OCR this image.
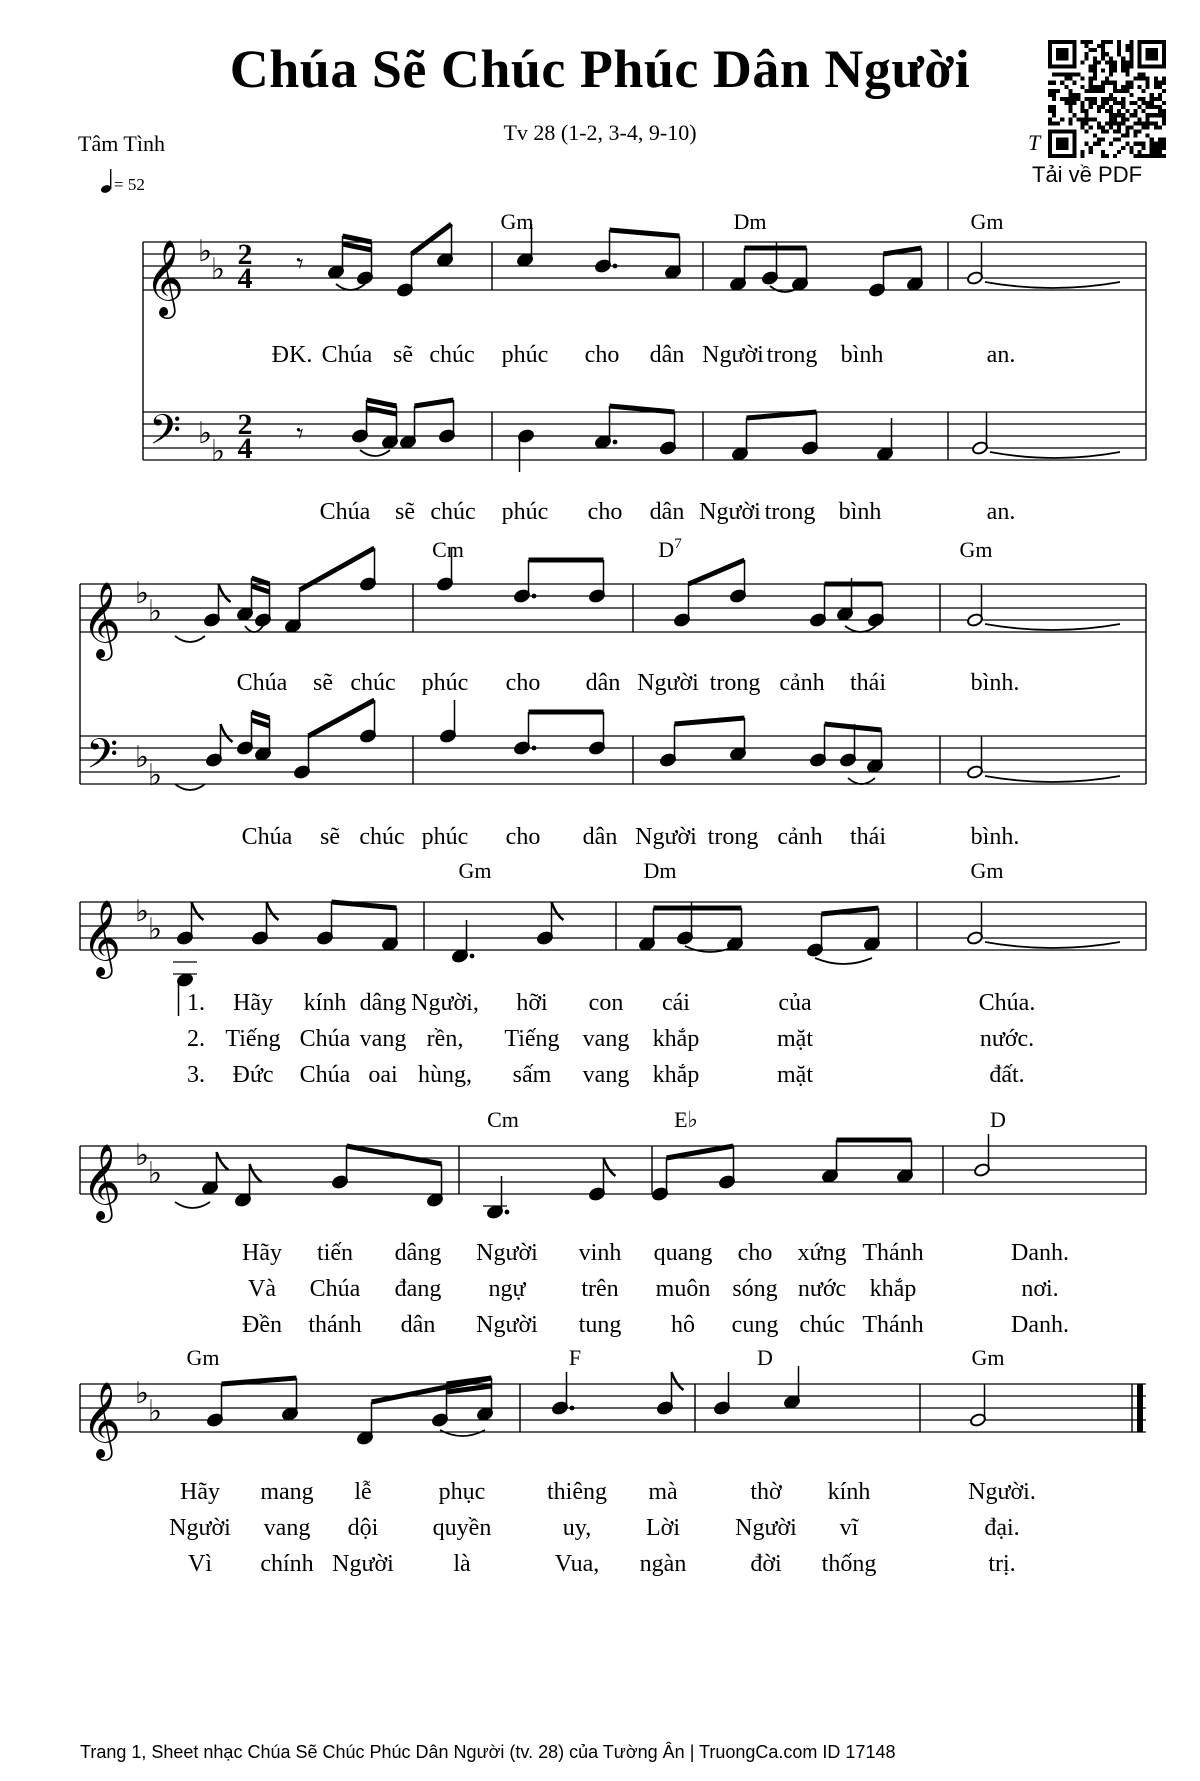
Chúa Sẽ Chúc Phúc Dân Người
Tv 28 (1-2, 3-4, 9-10)
Tâm Tình
= 52
T
Tải về PDF
𝄞
𝄢
♭
♭
♭
♭
2
4
2
4
𝄾
𝄾
Gm	Dm	Gm
ĐK. Chúa sẽ chúc phúc cho dân Người trong bình	an.
Chúa sẽ chúc phúc cho dân Người trong bình	an.
𝄞
𝄢
♭
♭
♭
♭
Cm	$D^7$	Gm
Chúa sẽ chúc phúc cho dân Người trong cảnh thái	bình.
Chúa sẽ chúc phúc cho dân Người trong cảnh thái	bình.
𝄞 ♭
♭
Gm	Dm	Gm
1. Hãy kính dâng Người, hỡi con cái	của	Chúa.
2. Tiếng Chúa vang rền, Tiếng vang khắp	mặt	nước.
3. Đức Chúa oai hùng, sấm vang khắp	mặt	đất.
𝄞 ♭
♭
Cm	E♭	D
Hãy tiến dâng Người vinh quang cho xứng Thánh	Danh.
Và Chúa đang ngự trên muôn sóng nước khắp	nơi.
Đền thánh dân Người tung hô cung chúc Thánh	Danh.
𝄞 ♭
♭
Gm	F	D	Gm
Hãy mang lễ	phục	thiêng mà	thờ kính	Người.
Người vang dội quyền	uy, Lời Người vĩ	đại.
Vì chính Người là	Vua, ngàn	đời thống	trị.
Trang 1, Sheet nhạc Chúa Sẽ Chúc Phúc Dân Người (tv. 28) của Tường Ân | TruongCa.com ID 17148
